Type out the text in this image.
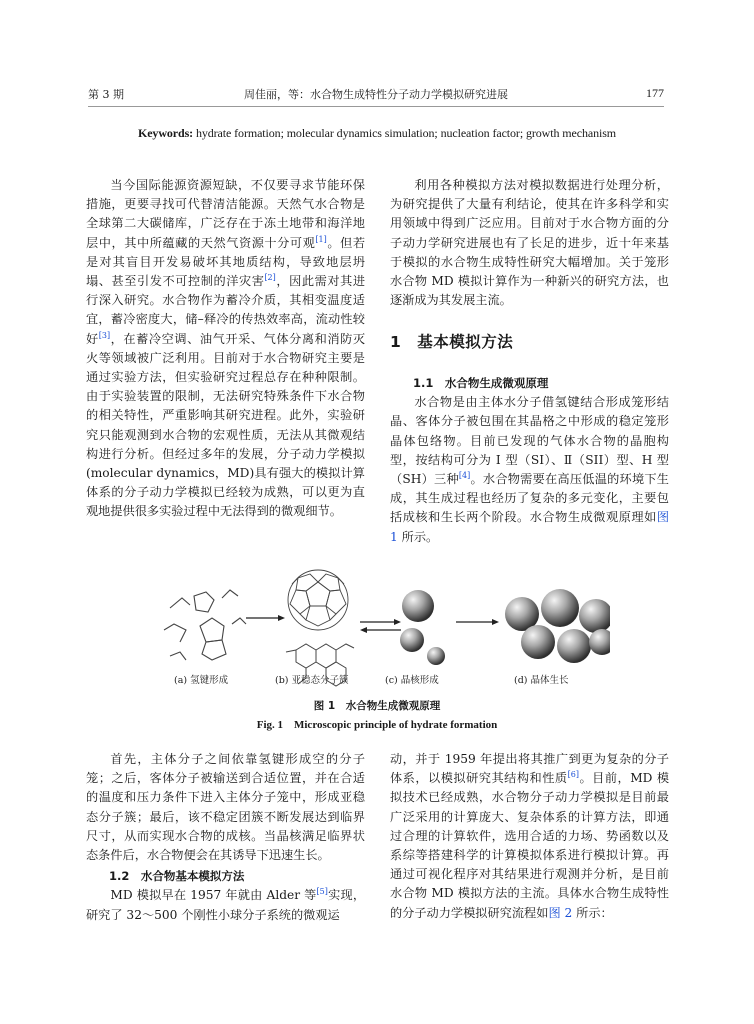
第 3 期	周佳丽，等：水合物生成特性分子动力学模拟研究进展	177
Keywords: hydrate formation; molecular dynamics simulation; nucleation factor; growth mechanism

当今国际能源资源短缺，不仅要寻求节能环保措施，更要寻找可代替清洁能源。天然气水合物是全球第二大碳储库，广泛存在于冻土地带和海洋地层中，其中所蕴藏的天然气资源十分可观[1]。但若是对其盲目开发易破坏其地质结构，导致地层坍塌、甚至引发不可控制的洋灾害[2]，因此需对其进行深入研究。水合物作为蓄冷介质，其相变温度适宜，蓄冷密度大，储–释冷的传热效率高，流动性较好[3]，在蓄冷空调、油气开采、气体分离和消防灭火等领域被广泛利用。目前对于水合物研究主要是通过实验方法，但实验研究过程总存在种种限制。由于实验装置的限制，无法研究特殊条件下水合物的相关特性，严重影响其研究进程。此外，实验研究只能观测到水合物的宏观性质，无法从其微观结构进行分析。但经过多年的发展，分子动力学模拟(molecular dynamics，MD)具有强大的模拟计算体系的分子动力学模拟已经较为成熟，可以更为直观地提供很多实验过程中无法得到的微观细节。

利用各种模拟方法对模拟数据进行处理分析，为研究提供了大量有利结论，使其在许多科学和实用领域中得到广泛应用。目前对于水合物方面的分子动力学研究进展也有了长足的进步，近十年来基于模拟的水合物生成特性研究大幅增加。关于笼形水合物 MD 模拟计算作为一种新兴的研究方法，也逐渐成为其发展主流。

1　基本模拟方法

1.1　水合物生成微观原理

水合物是由主体水分子借氢键结合形成笼形结晶、客体分子被包围在其晶格之中形成的稳定笼形晶体包络物。目前已发现的气体水合物的晶胞构型，按结构可分为 Ⅰ 型（SI）、Ⅱ（SII）型、H 型（SH）三种[4]。水合物需要在高压低温的环境下生成，其生成过程也经历了复杂的多元变化，主要包括成核和生长两个阶段。水合物生成微观原理如图 1 所示。

(a) 氢键形成	(b) 亚稳态分子簇	(c) 晶核形成	(d) 晶体生长
图 1　水合物生成微观原理
Fig. 1　Microscopic principle of hydrate formation

首先，主体分子之间依靠氢键形成空的分子笼；之后，客体分子被输送到合适位置，并在合适的温度和压力条件下进入主体分子笼中，形成亚稳态分子簇；最后，该不稳定团簇不断发展达到临界尺寸，从而实现水合物的成核。当晶核满足临界状态条件后，水合物便会在其诱导下迅速生长。

1.2　水合物基本模拟方法

MD 模拟早在 1957 年就由 Alder 等[5]实现，研究了 32～500 个刚性小球分子系统的微观运

动，并于 1959 年提出将其推广到更为复杂的分子体系，以模拟研究其结构和性质[6]。目前，MD 模拟技术已经成熟，水合物分子动力学模拟是目前最广泛采用的计算庞大、复杂体系的计算方法，即通过合理的计算软件，选用合适的力场、势函数以及系综等搭建科学的计算模拟体系进行模拟计算。再通过可视化程序对其结果进行观测并分析，是目前水合物 MD 模拟方法的主流。具体水合物生成特性的分子动力学模拟研究流程如图 2 所示：
